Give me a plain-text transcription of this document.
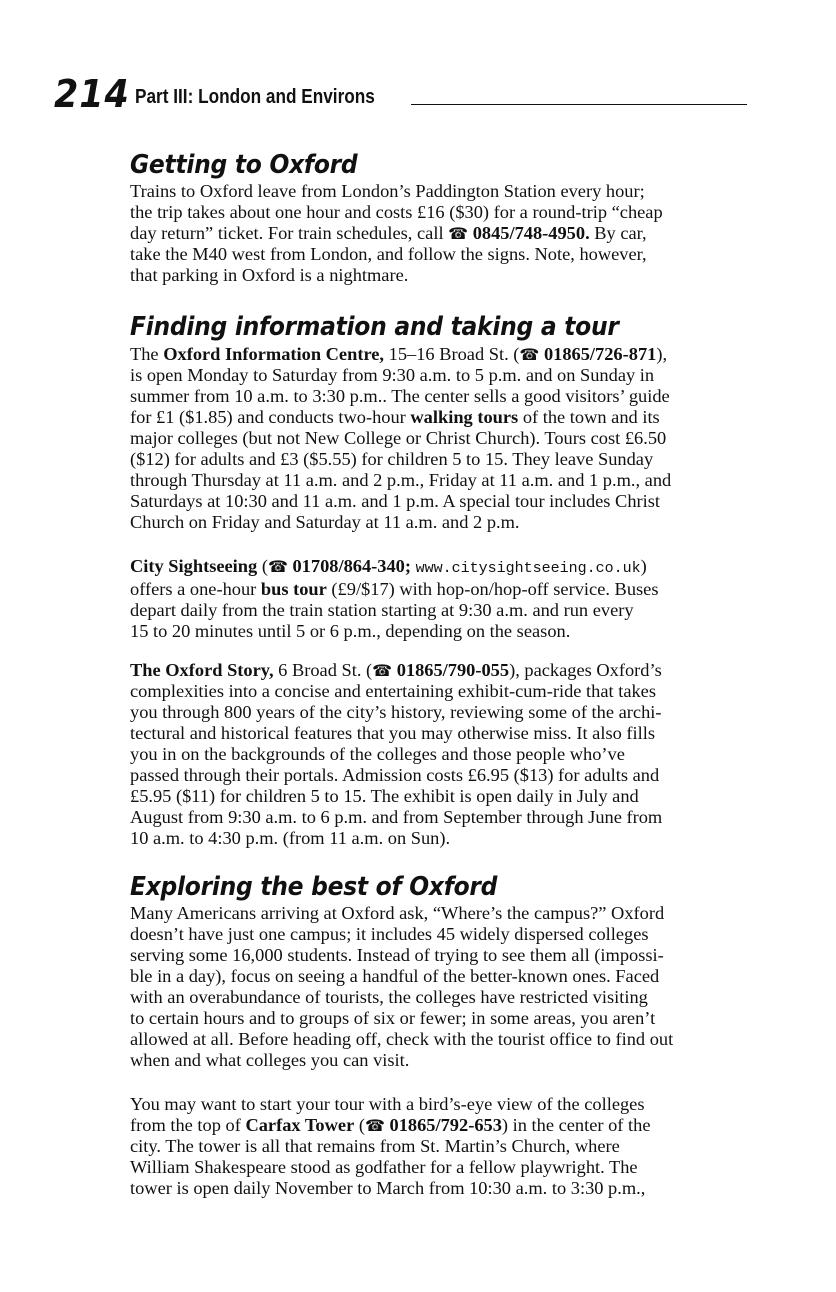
214 Part III: London and Environs
Getting to Oxford

Trains to Oxford leave from London’s Paddington Station every hour;
the trip takes about one hour and costs £16 ($30) for a round-trip “cheap
day return” ticket. For train schedules, call ☎ 0845/748-4950. By car,
take the M40 west from London, and follow the signs. Note, however,
that parking in Oxford is a nightmare.

Finding information and taking a tour

The Oxford Information Centre, 15–16 Broad St. (☎ 01865/726-871),
is open Monday to Saturday from 9:30 a.m. to 5 p.m. and on Sunday in
summer from 10 a.m. to 3:30 p.m.. The center sells a good visitors’ guide
for £1 ($1.85) and conducts two-hour walking tours of the town and its
major colleges (but not New College or Christ Church). Tours cost £6.50
($12) for adults and £3 ($5.55) for children 5 to 15. They leave Sunday
through Thursday at 11 a.m. and 2 p.m., Friday at 11 a.m. and 1 p.m., and
Saturdays at 10:30 and 11 a.m. and 1 p.m. A special tour includes Christ
Church on Friday and Saturday at 11 a.m. and 2 p.m.

City Sightseeing (☎ 01708/864-340; www.citysightseeing.co.uk)
offers a one-hour bus tour (£9/$17) with hop-on/hop-off service. Buses
depart daily from the train station starting at 9:30 a.m. and run every
15 to 20 minutes until 5 or 6 p.m., depending on the season.

The Oxford Story, 6 Broad St. (☎ 01865/790-055), packages Oxford’s
complexities into a concise and entertaining exhibit-cum-ride that takes
you through 800 years of the city’s history, reviewing some of the archi-
tectural and historical features that you may otherwise miss. It also fills
you in on the backgrounds of the colleges and those people who’ve
passed through their portals. Admission costs £6.95 ($13) for adults and
£5.95 ($11) for children 5 to 15. The exhibit is open daily in July and
August from 9:30 a.m. to 6 p.m. and from September through June from
10 a.m. to 4:30 p.m. (from 11 a.m. on Sun).

Exploring the best of Oxford

Many Americans arriving at Oxford ask, “Where’s the campus?” Oxford
doesn’t have just one campus; it includes 45 widely dispersed colleges
serving some 16,000 students. Instead of trying to see them all (impossi-
ble in a day), focus on seeing a handful of the better-known ones. Faced
with an overabundance of tourists, the colleges have restricted visiting
to certain hours and to groups of six or fewer; in some areas, you aren’t
allowed at all. Before heading off, check with the tourist office to find out
when and what colleges you can visit.

You may want to start your tour with a bird’s-eye view of the colleges
from the top of Carfax Tower (☎ 01865/792-653) in the center of the
city. The tower is all that remains from St. Martin’s Church, where
William Shakespeare stood as godfather for a fellow playwright. The
tower is open daily November to March from 10:30 a.m. to 3:30 p.m.,
